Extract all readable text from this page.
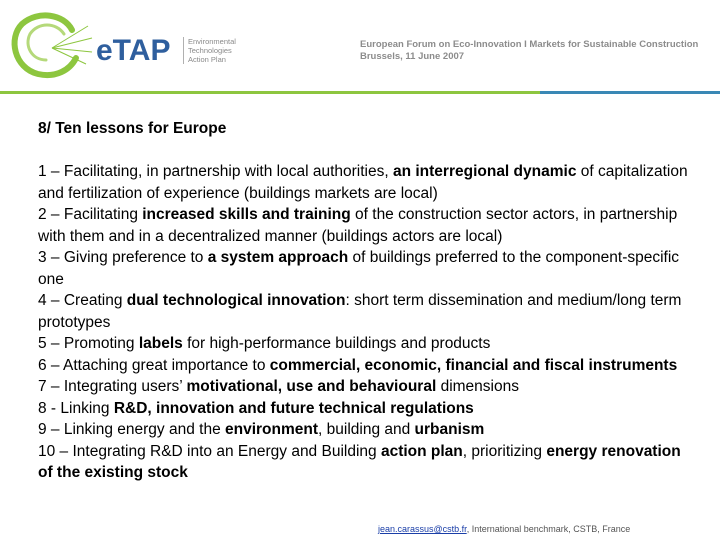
eTAP Environmental
Technologies
Action Plan
European Forum on Eco-Innovation I Markets for Sustainable Construction
Brussels, 11 June 2007
8/ Ten lessons for Europe
1 – Facilitating, in partnership with local authorities, an interregional dynamic of capitalization and fertilization of experience (buildings markets are local)
2 – Facilitating increased skills and training of the construction sector actors, in partnership with them and in a decentralized manner (buildings actors are local)
3 – Giving preference to a system approach of buildings preferred to the component-specific one
4 – Creating dual technological innovation: short term dissemination and medium/long term prototypes
5 – Promoting labels for high-performance buildings and products
6 – Attaching great importance to commercial, economic, financial and fiscal instruments
7 – Integrating users’ motivational, use and behavioural dimensions
8 - Linking R&D, innovation and future technical regulations
9 – Linking energy and the environment, building and urbanism
10 – Integrating R&D into an Energy and Building action plan, prioritizing energy renovation of the existing stock
jean.carassus@cstb.fr, International benchmark, CSTB, France
